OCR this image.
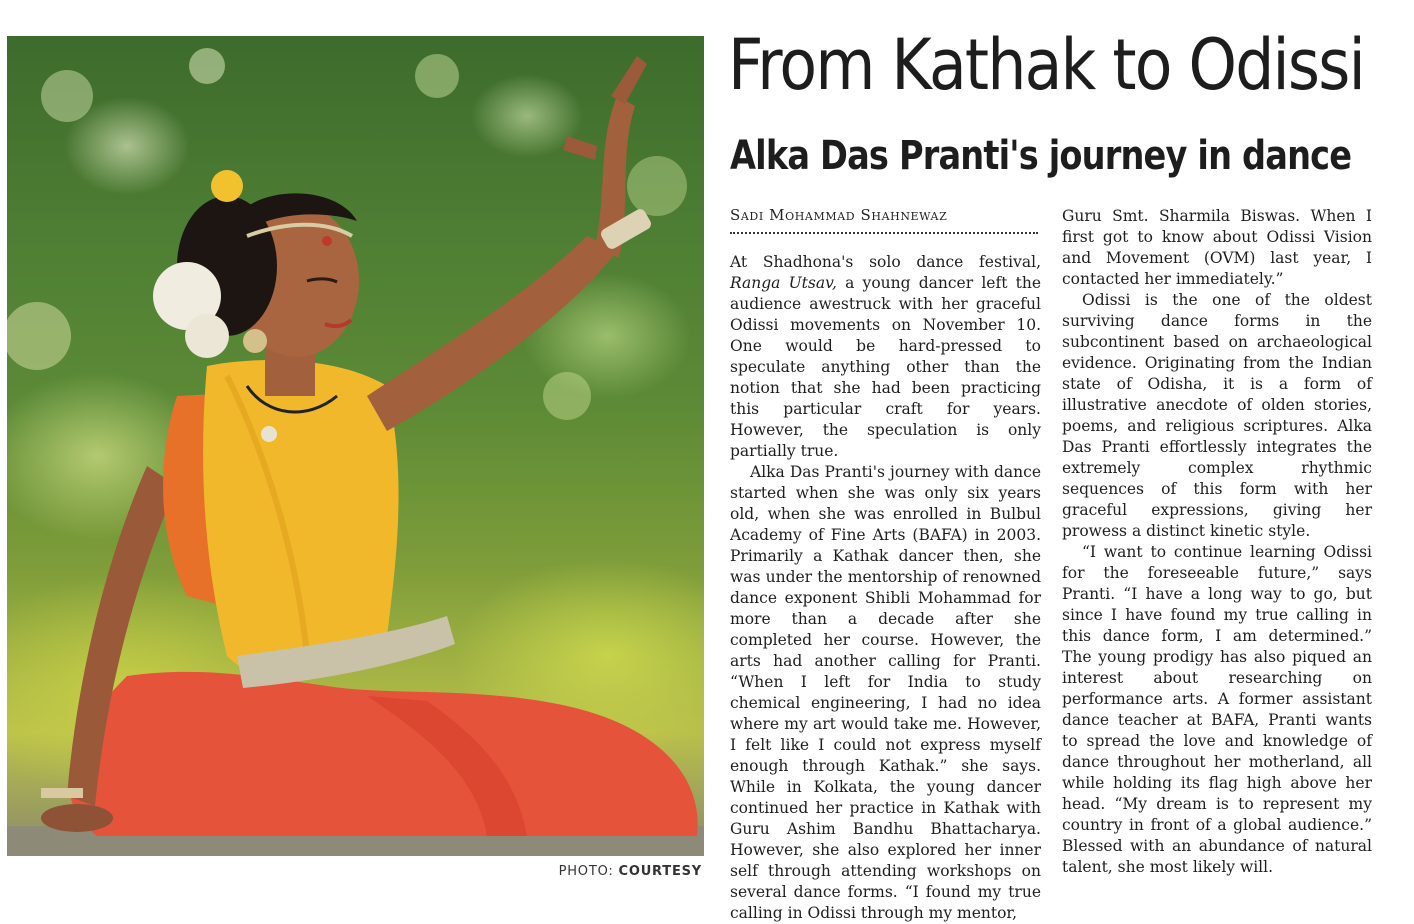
PHOTO: COURTESY
From Kathak to Odissi
Alka Das Pranti's journey in dance
Sadi Mohammad Shahnewaz

At Shadhona's solo dance festival, Ranga Utsav, a young dancer left the audience awestruck with her graceful Odissi movements on November 10. One would be hard-pressed to speculate anything other than the notion that she had been practicing this particular craft for years. However, the speculation is only partially true.

Alka Das Pranti's journey with dance started when she was only six years old, when she was enrolled in Bulbul Academy of Fine Arts (BAFA) in 2003. Primarily a Kathak dancer then, she was under the mentorship of renowned dance exponent Shibli Mohammad for more than a decade after she completed her course. However, the arts had another calling for Pranti. “When I left for India to study chemical engineering, I had no idea where my art would take me. However, I felt like I could not express myself enough through Kathak.” she says. While in Kolkata, the young dancer continued her practice in Kathak with Guru Ashim Bandhu Bhattacharya. However, she also explored her inner self through attending workshops on several dance forms. “I found my true calling in Odissi through my mentor,

Guru Smt. Sharmila Biswas. When I first got to know about Odissi Vision and Movement (OVM) last year, I contacted her immediately.”

Odissi is the one of the oldest surviving dance forms in the subcontinent based on archaeological evidence. Originating from the Indian state of Odisha, it is a form of illustrative anecdote of olden stories, poems, and religious scriptures. Alka Das Pranti effortlessly integrates the extremely complex rhythmic sequences of this form with her graceful expressions, giving her prowess a distinct kinetic style.

“I want to continue learning Odissi for the foreseeable future,” says Pranti. “I have a long way to go, but since I have found my true calling in this dance form, I am determined.” The young prodigy has also piqued an interest about researching on performance arts. A former assistant dance teacher at BAFA, Pranti wants to spread the love and knowledge of dance throughout her motherland, all while holding its flag high above her head. “My dream is to represent my country in front of a global audience.” Blessed with an abundance of natural talent, she most likely will.
